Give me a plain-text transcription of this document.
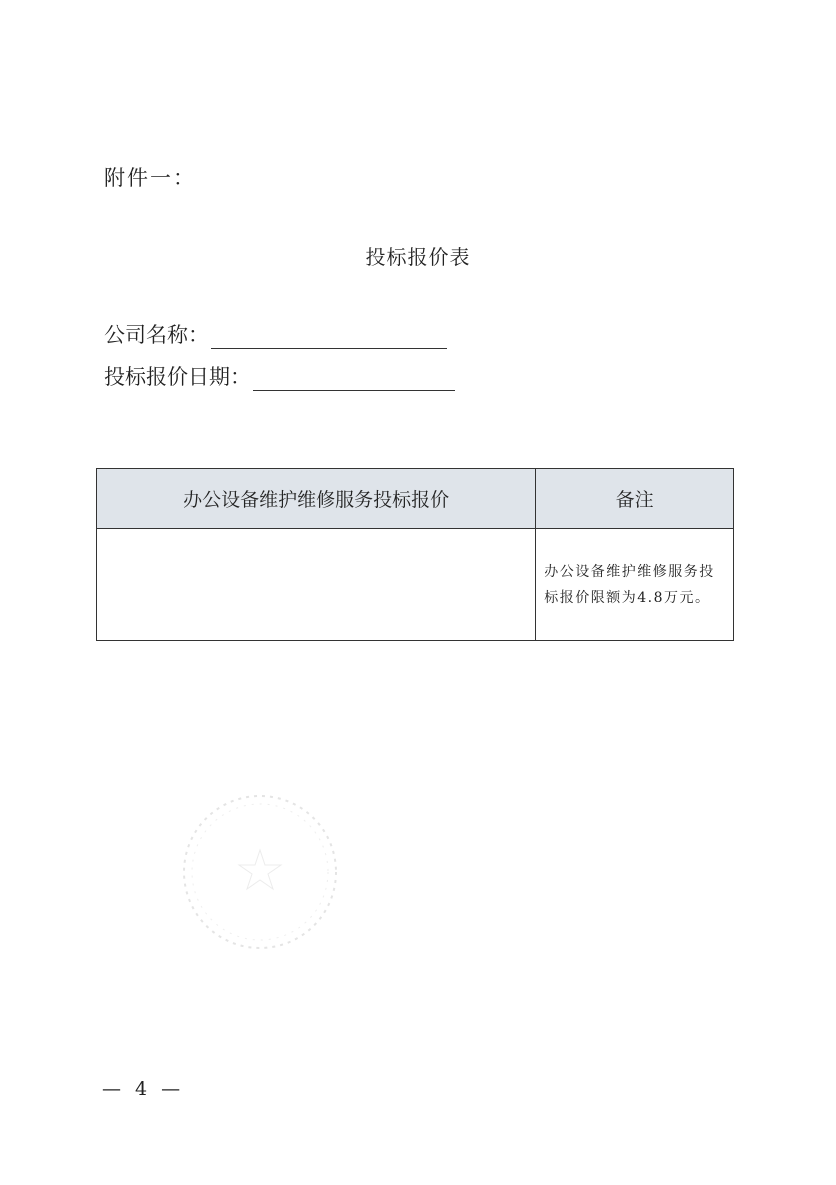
附件一：
投标报价表
公司名称：
投标报价日期：
办公设备维护维修服务投标报价	备注
	办公设备维护维修服务投标报价限额为4.8万元。
— 4 —
